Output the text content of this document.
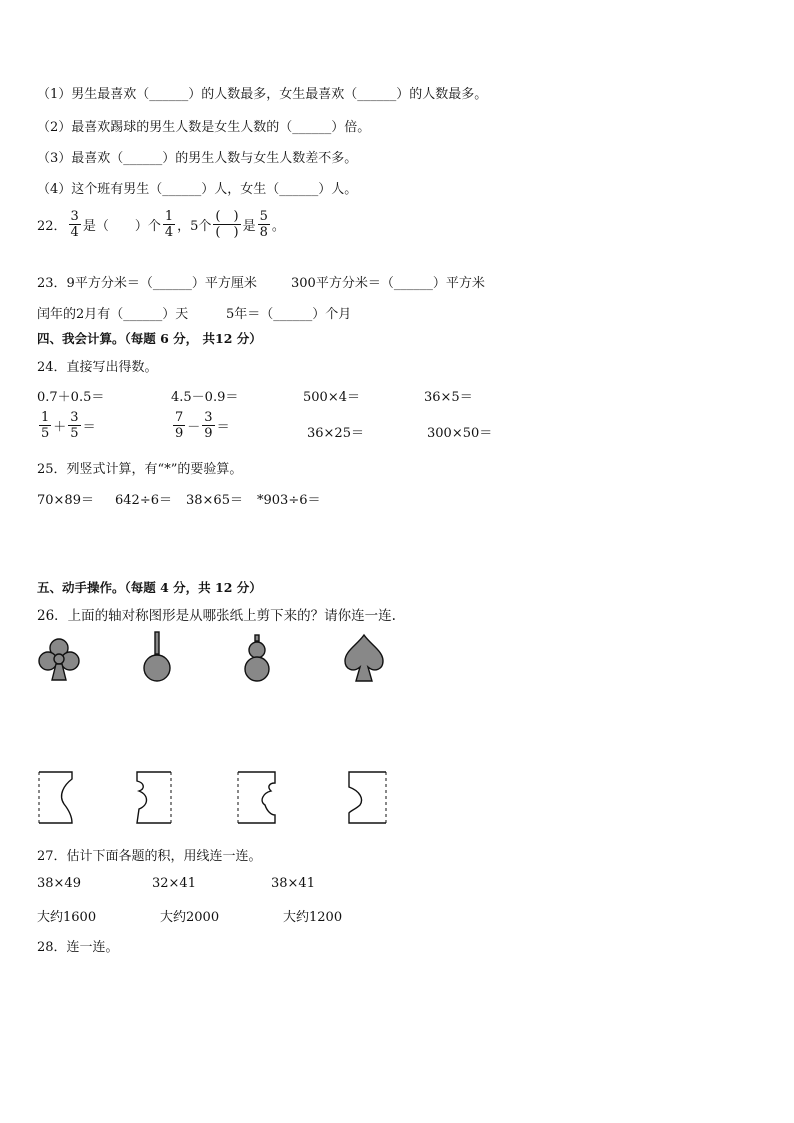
（1）男生最喜欢（______）的人数最多，女生最喜欢（______）的人数最多。
（2）最喜欢踢球的男生人数是女生人数的（______）倍。
（3）最喜欢（______）的男生人数与女生人数差不多。
（4）这个班有男生（______）人，女生（______）人。
22． $\frac{3}{4}$ 是（　　）个 $\frac{1}{4}$ ，5个 $\frac{( )}{( )}$ 是 $\frac{5}{8}$ 。
23．9平方分米＝（______）平方厘米	300平方分米＝（______）平方米
闰年的2月有（______）天	5年＝（______）个月
四、我会计算。（每题 6 分， 共12 分）
24．直接写出得数。
0.7＋0.5＝	4.5－0.9＝	500×4＝	36×5＝
$\frac{1}{5} + \frac{3}{5}$ ＝	$\frac{7}{9} - \frac{3}{9}$ ＝	36×25＝	300×50＝
25．列竖式计算，有“*”的要验算。
70×89＝ 642÷6＝ 38×65＝ *903÷6＝
五、动手操作。（每题 4 分，共 12 分）
26．上面的轴对称图形是从哪张纸上剪下来的？请你连一连.
27．估计下面各题的积，用线连一连。
38×49	32×41	38×41
大约1600	大约2000	大约1200
28．连一连。
